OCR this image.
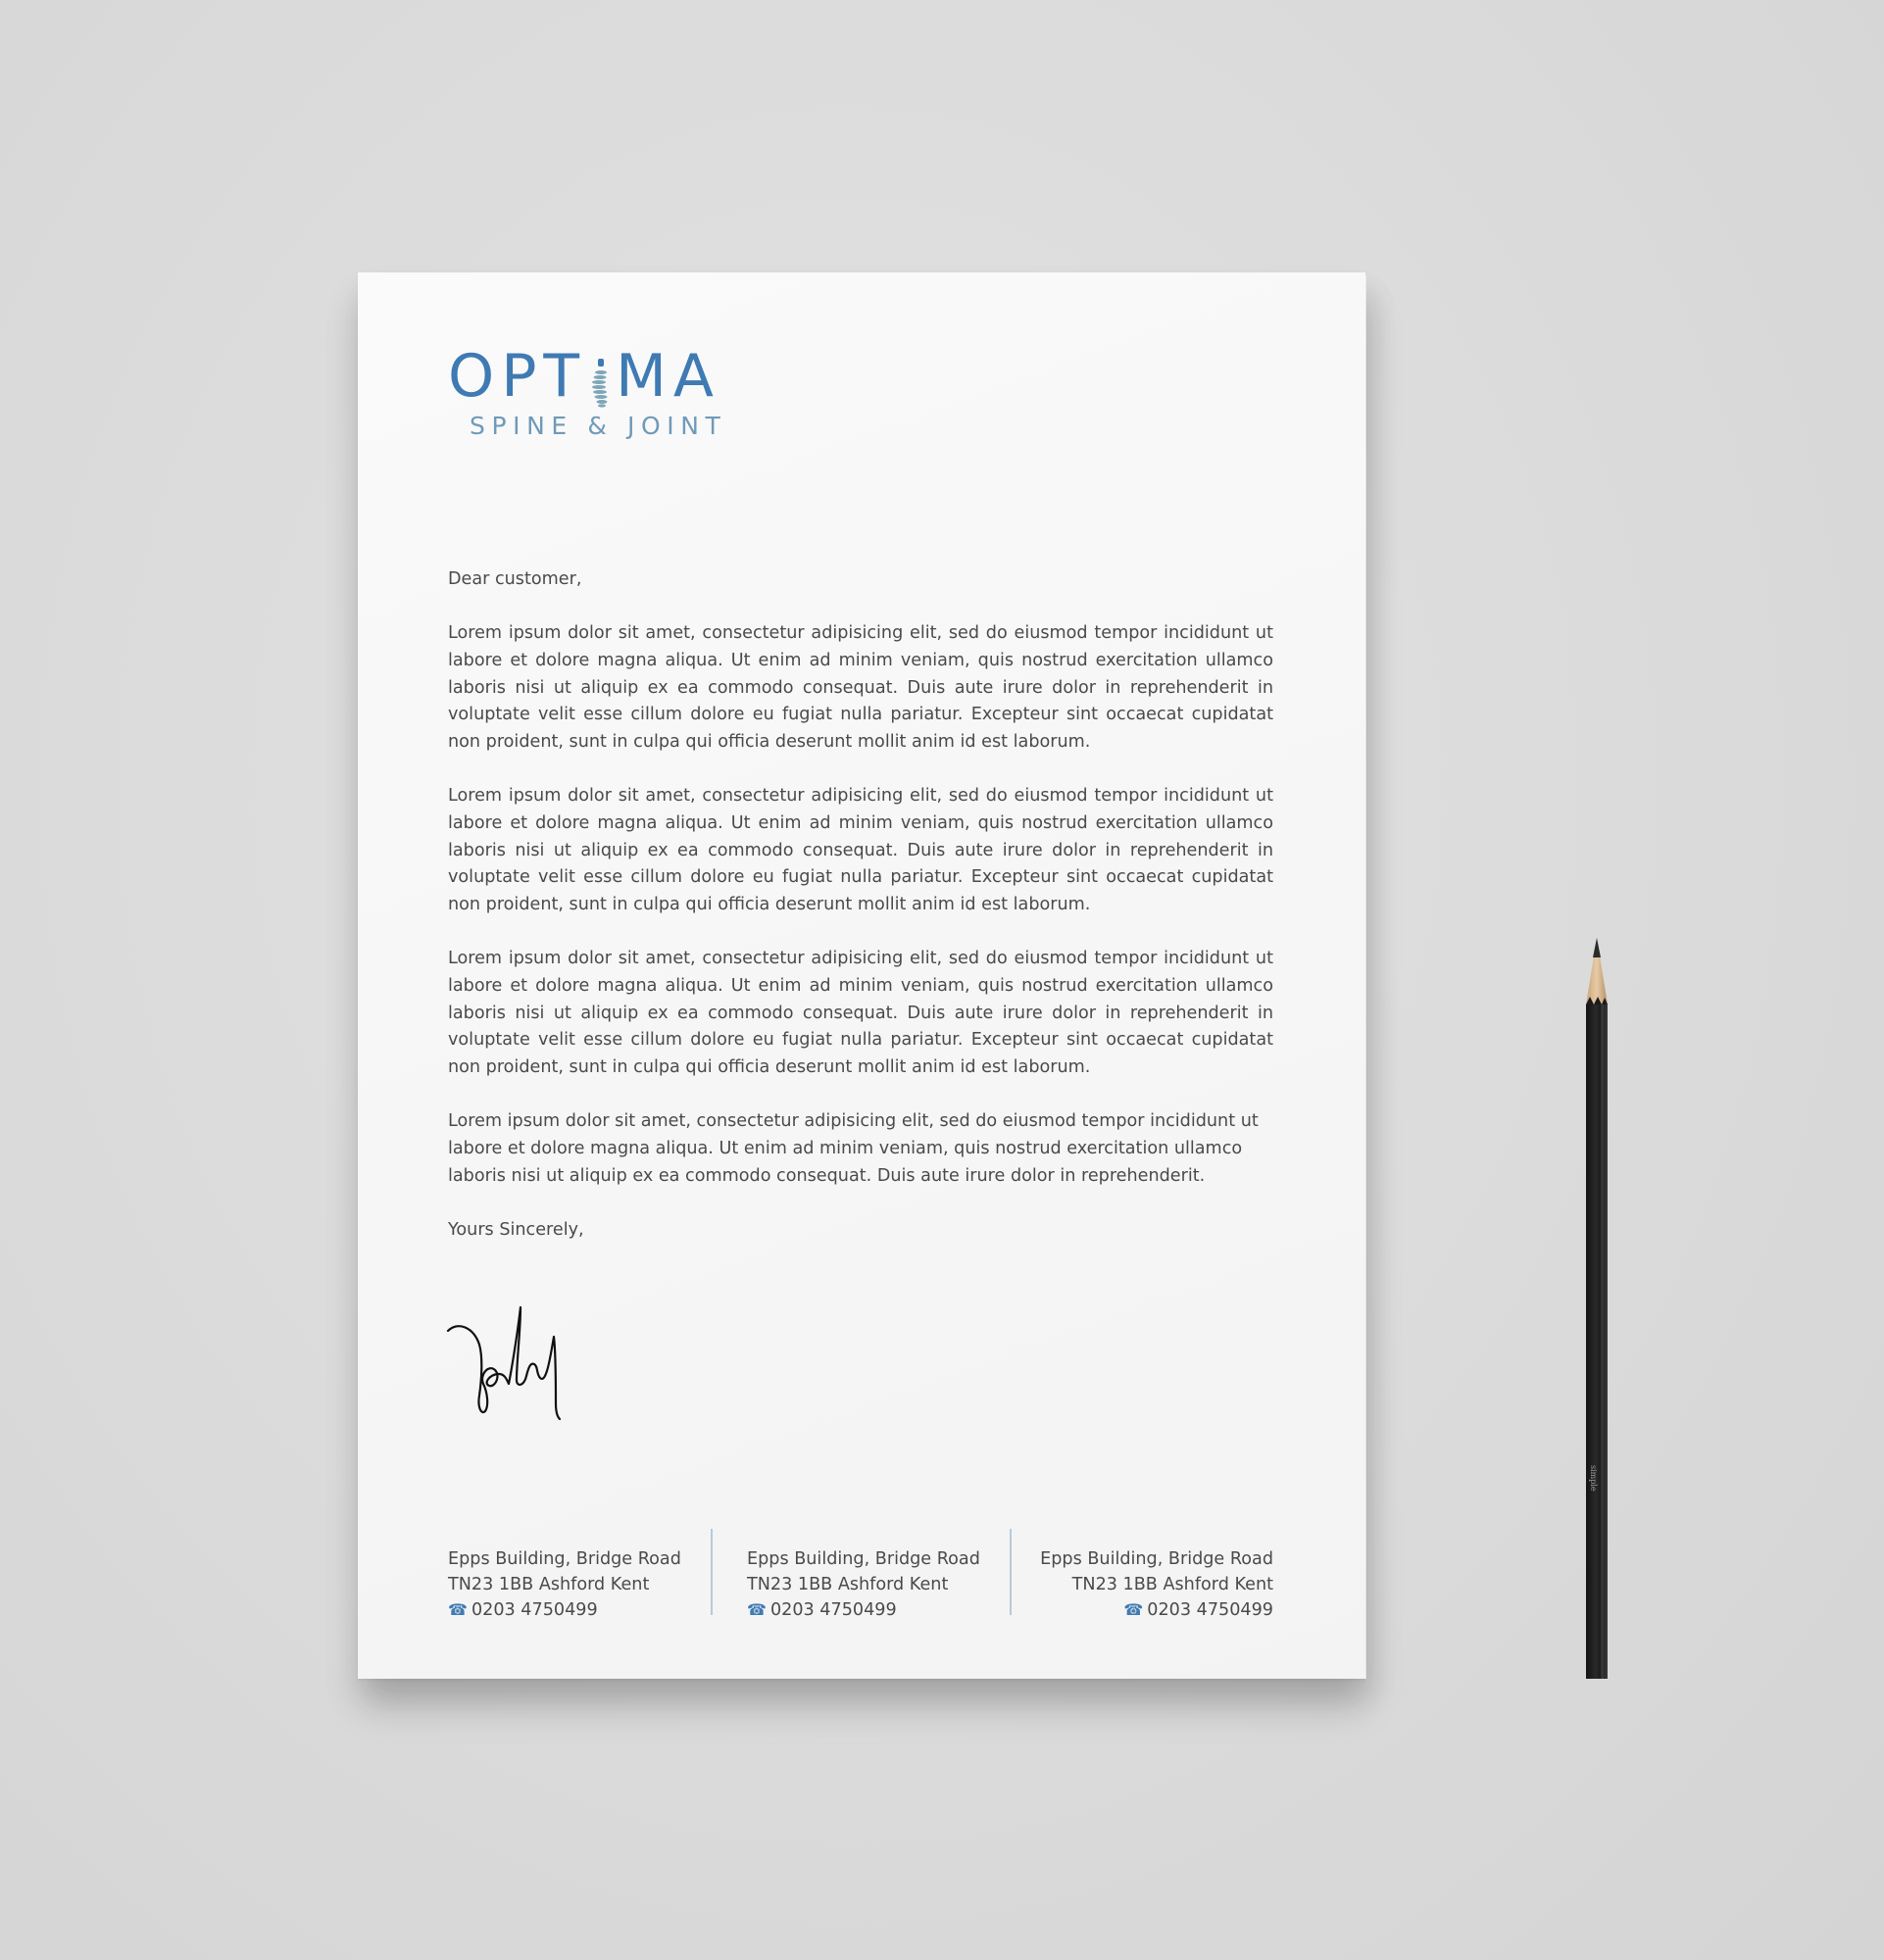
OPT MA
SPINE & JOINT

Dear customer,

Lorem ipsum dolor sit amet, consectetur adipisicing elit, sed do eiusmod tempor incididunt ut labore et dolore magna aliqua. Ut enim ad minim veniam, quis nostrud exercitation ullamco laboris nisi ut aliquip ex ea commodo consequat. Duis aute irure dolor in reprehenderit in voluptate velit esse cillum dolore eu fugiat nulla pariatur. Excepteur sint occaecat cupidatat non proident, sunt in culpa qui officia deserunt mollit anim id est laborum.

Lorem ipsum dolor sit amet, consectetur adipisicing elit, sed do eiusmod tempor incididunt ut labore et dolore magna aliqua. Ut enim ad minim veniam, quis nostrud exercitation ullamco laboris nisi ut aliquip ex ea commodo consequat. Duis aute irure dolor in reprehenderit in voluptate velit esse cillum dolore eu fugiat nulla pariatur. Excepteur sint occaecat cupidatat non proident, sunt in culpa qui officia deserunt mollit anim id est laborum.

Lorem ipsum dolor sit amet, consectetur adipisicing elit, sed do eiusmod tempor incididunt ut labore et dolore magna aliqua. Ut enim ad minim veniam, quis nostrud exercitation ullamco laboris nisi ut aliquip ex ea commodo consequat. Duis aute irure dolor in reprehenderit in voluptate velit esse cillum dolore eu fugiat nulla pariatur. Excepteur sint occaecat cupidatat non proident, sunt in culpa qui officia deserunt mollit anim id est laborum.

Lorem ipsum dolor sit amet, consectetur adipisicing elit, sed do eiusmod tempor incididunt ut labore et dolore magna aliqua. Ut enim ad minim veniam, quis nostrud exercitation ullamco laboris nisi ut aliquip ex ea commodo consequat. Duis aute irure dolor in reprehenderit.

Yours Sincerely,

Epps Building, Bridge Road
TN23 1BB Ashford Kent
☎ 0203 4750499
Epps Building, Bridge Road
TN23 1BB Ashford Kent
☎ 0203 4750499
Epps Building, Bridge Road
TN23 1BB Ashford Kent
☎ 0203 4750499
simple
